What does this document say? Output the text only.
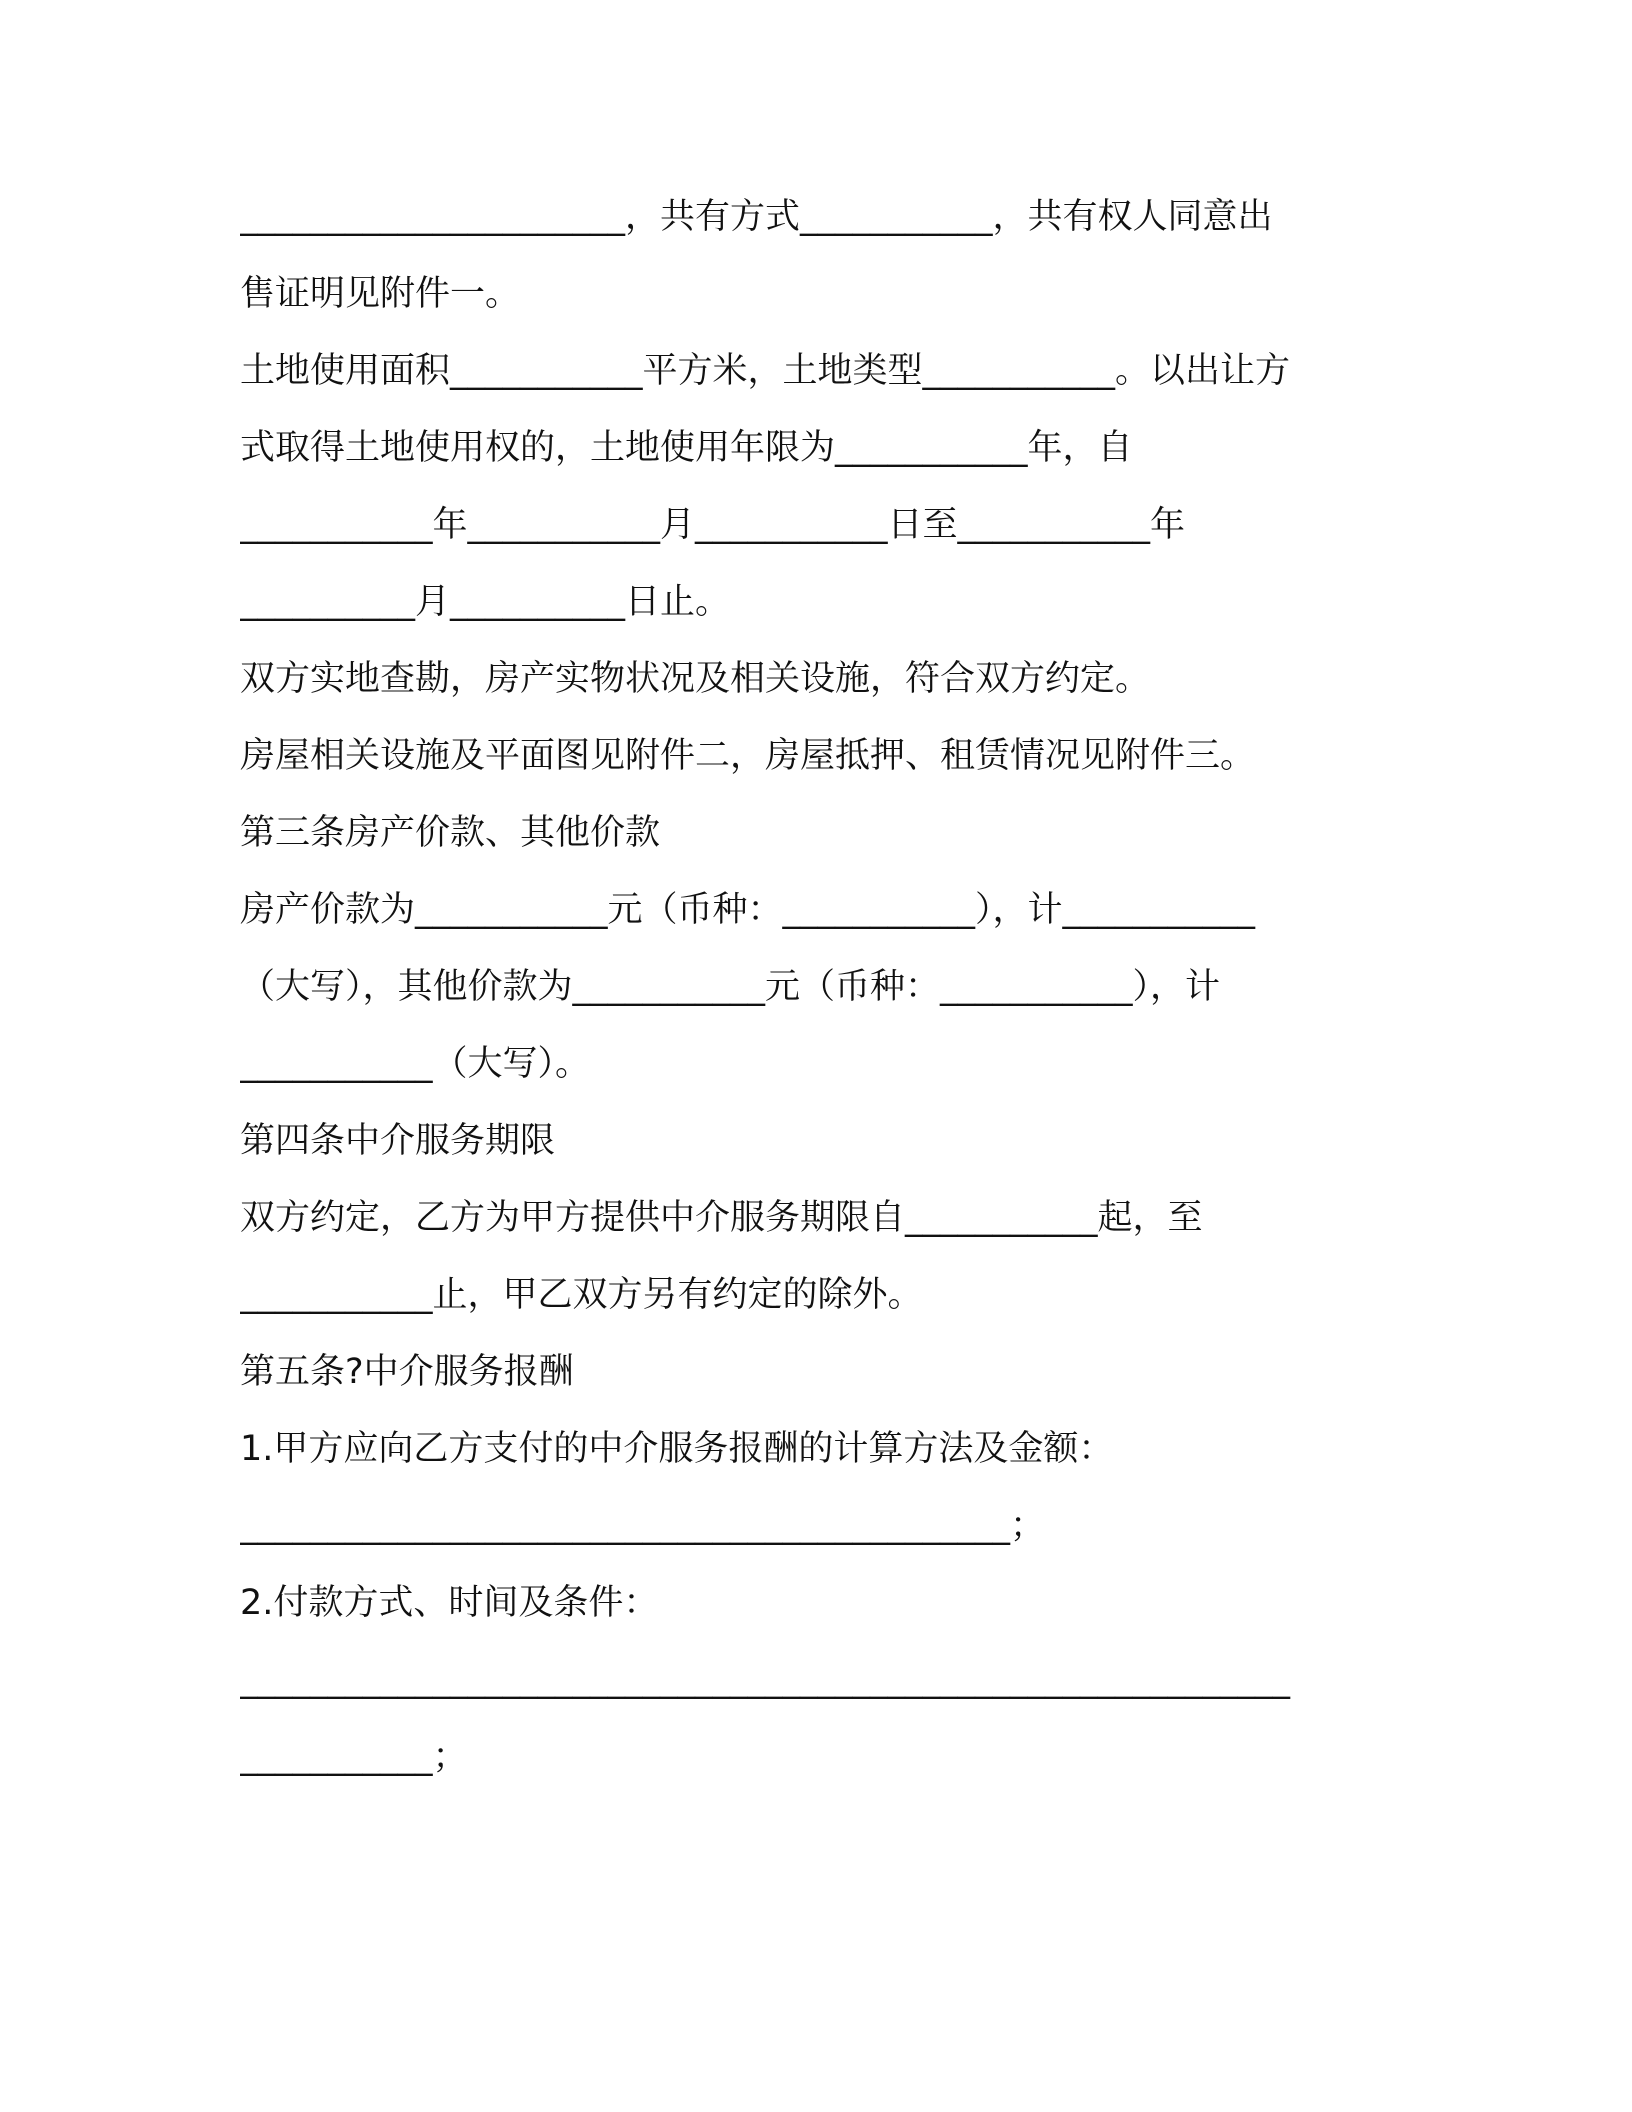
______________________，共有方式___________，共有权人同意出
售证明见附件一。
土地使用面积___________平方米，土地类型___________。以出让方
式取得土地使用权的，土地使用年限为___________年，自
___________年___________月___________日至___________年
__________月__________日止。
双方实地查勘，房产实物状况及相关设施，符合双方约定。
房屋相关设施及平面图见附件二，房屋抵押、租赁情况见附件三。
第三条房产价款、其他价款
房产价款为___________元（币种：___________），计___________
（大写），其他价款为___________元（币种：___________），计
___________（大写）。
第四条中介服务期限
双方约定，乙方为甲方提供中介服务期限自___________起，至
___________止，甲乙双方另有约定的除外。
第五条?中介服务报酬
1.甲方应向乙方支付的中介服务报酬的计算方法及金额：
____________________________________________；
2.付款方式、时间及条件：
____________________________________________________________
___________；
